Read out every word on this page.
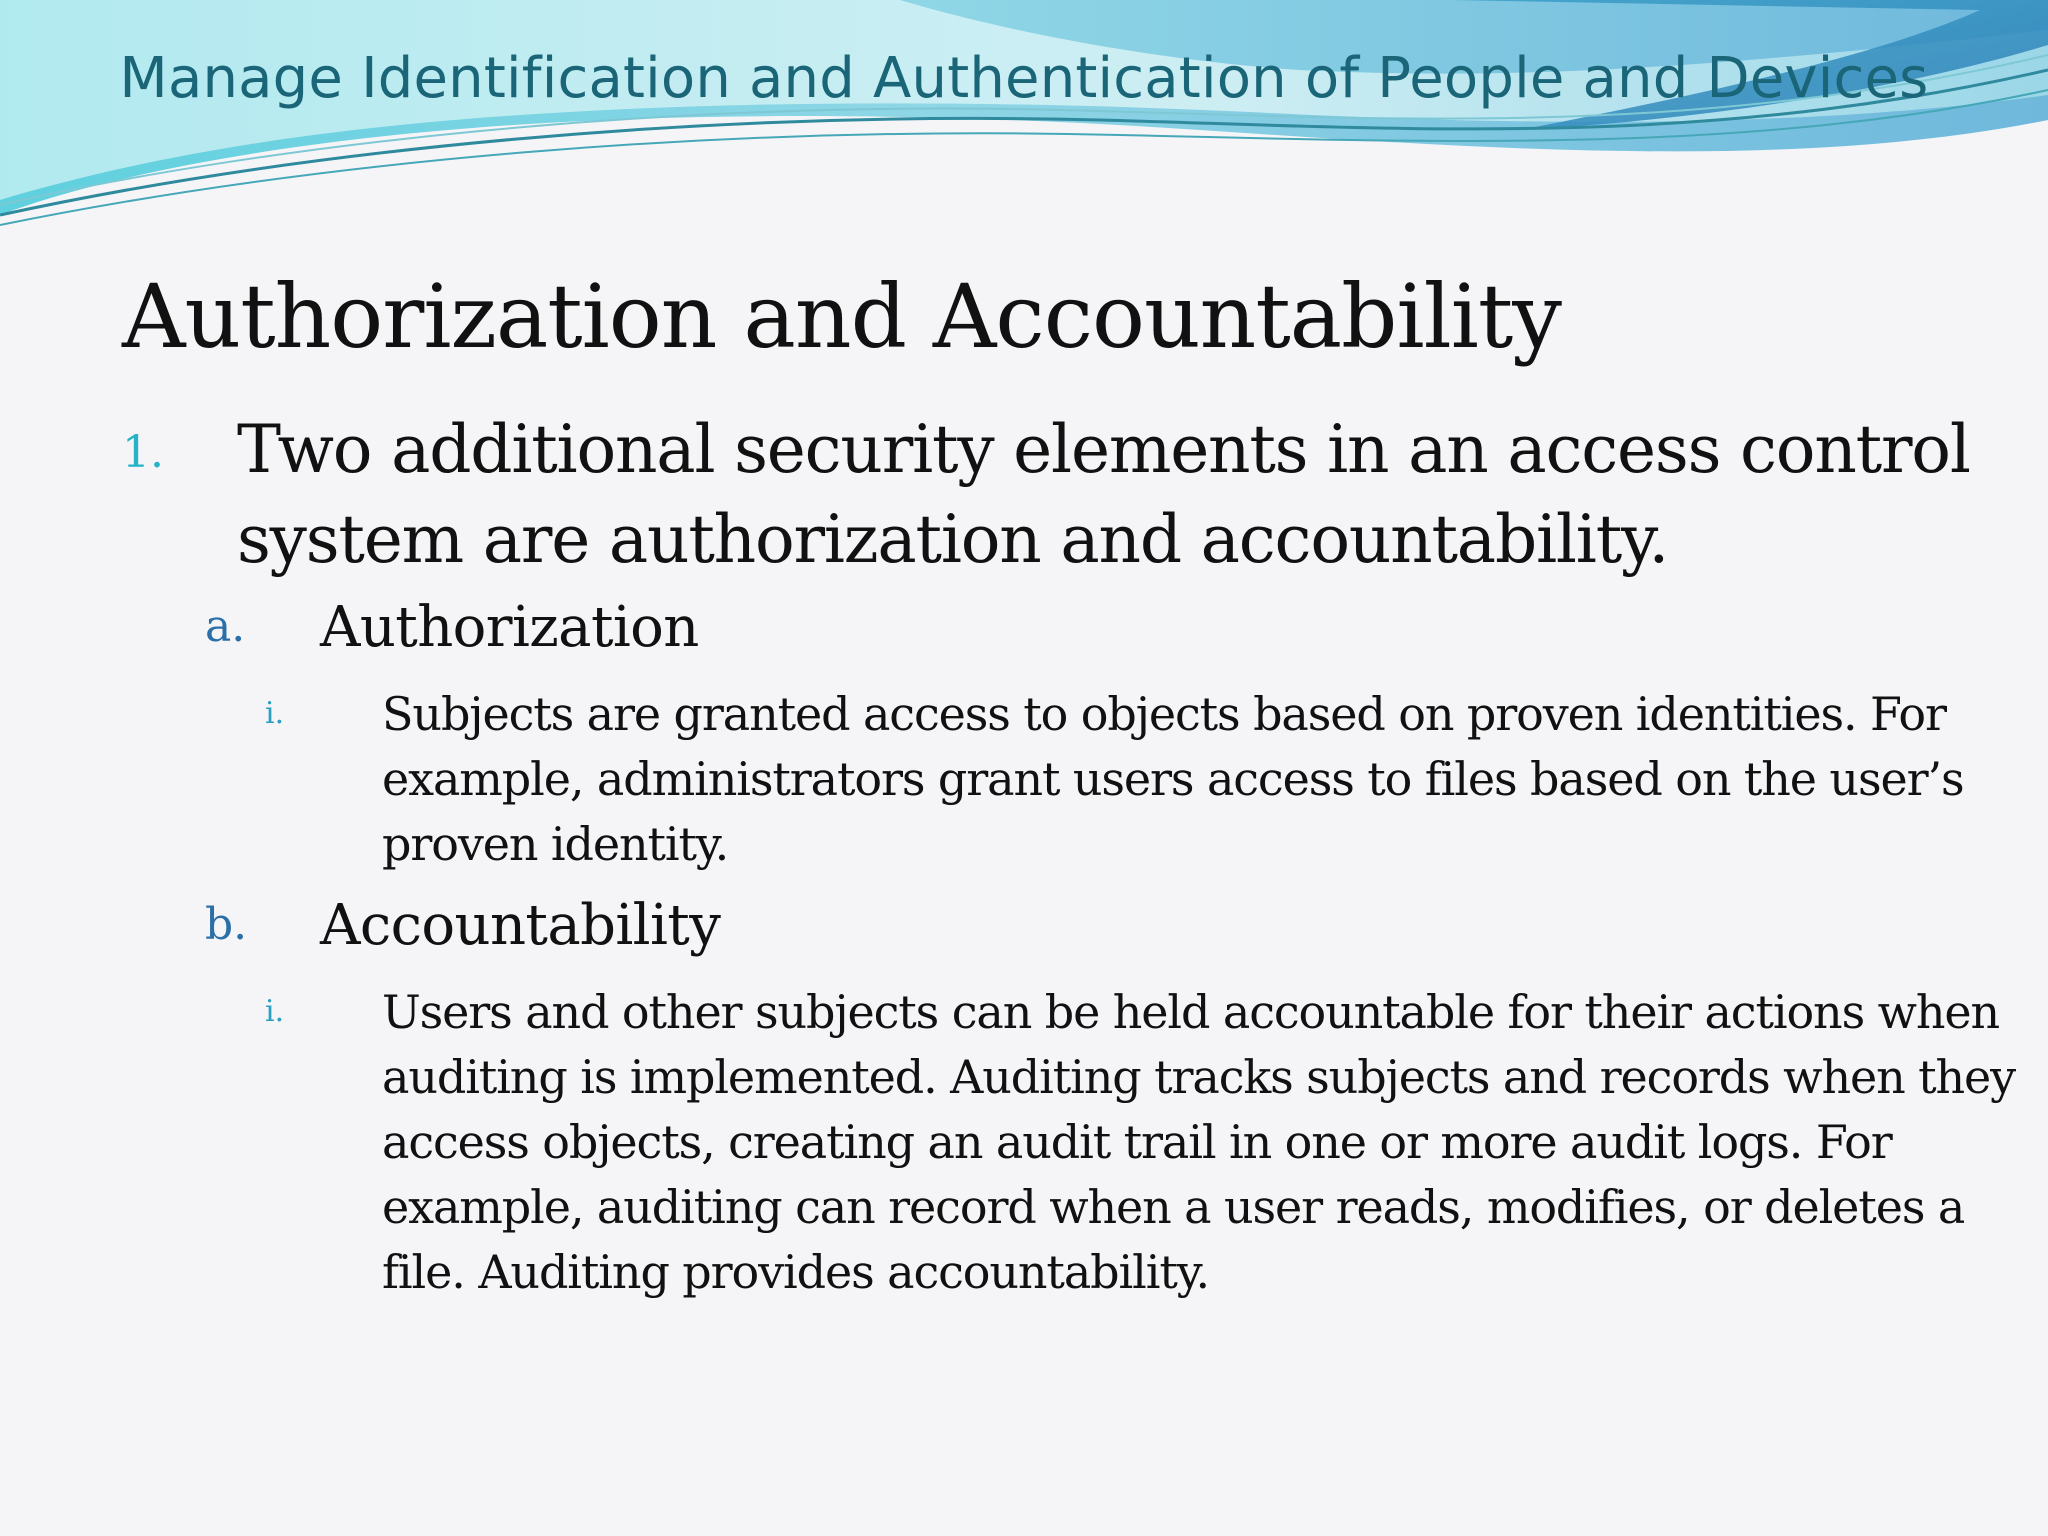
Manage Identification and Authentication of People and Devices
Authorization and Accountability
1. Two additional security elements in an access control system are authorization and accountability.
a. Authorization
i. Subjects are granted access to objects based on proven identities. For example, administrators grant users access to files based on the user’s proven identity.
b. Accountability
i. Users and other subjects can be held accountable for their actions when auditing is implemented. Auditing tracks subjects and records when they access objects, creating an audit trail in one or more audit logs. For example, auditing can record when a user reads, modifies, or deletes a file. Auditing provides accountability.
